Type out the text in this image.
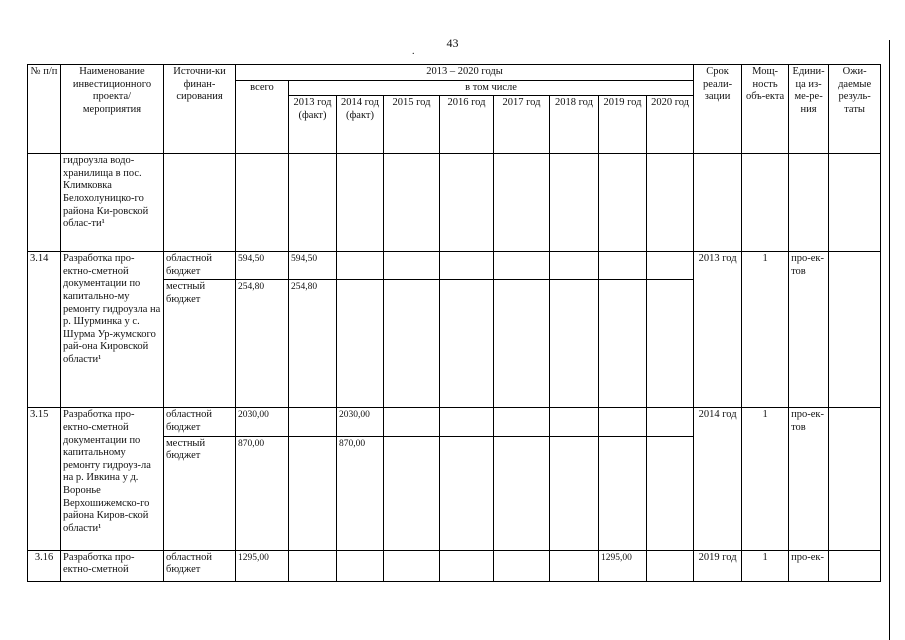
43
.
№ п/п	Наименование инвестиционного проекта/ мероприятия	Источни-ки финан-сирования	2013 – 2020 годы									Срок реали-зации	Мощ-ность объ-екта	Едини-ца из-ме-ре-ния	Ожи-даемые резуль-таты
			всего	в том числе											
				2013 год (факт)	2014 год (факт)	2015 год	2016 год	2017 год	2018 год	2019 год	2020 год				
	гидроузла водо-хранилища в пос. Климковка Белохолуницко-го района Ки-ровской облас-ти¹														
3.14	Разработка про-ектно-сметной документации по капитально-му ремонту гидроузла на р. Шурминка у с. Шурма Ур-жумского рай-она Кировской области¹	областной бюджет	594,50	594,50								2013 год	1	про-ек-тов	
		местный бюджет	254,80	254,80											
3.15	Разработка про-ектно-сметной документации по капитальному ремонту гидроуз-ла на р. Ивкина у д. Воронье Верхошижемско-го района Киров-ской области¹	областной бюджет	2030,00		2030,00							2014 год	1	про-ек-тов	
		местный бюджет	870,00		870,00										
3.16	Разработка про-ектно-сметной	областной бюджет	1295,00							1295,00		2019 год	1	про-ек-	
